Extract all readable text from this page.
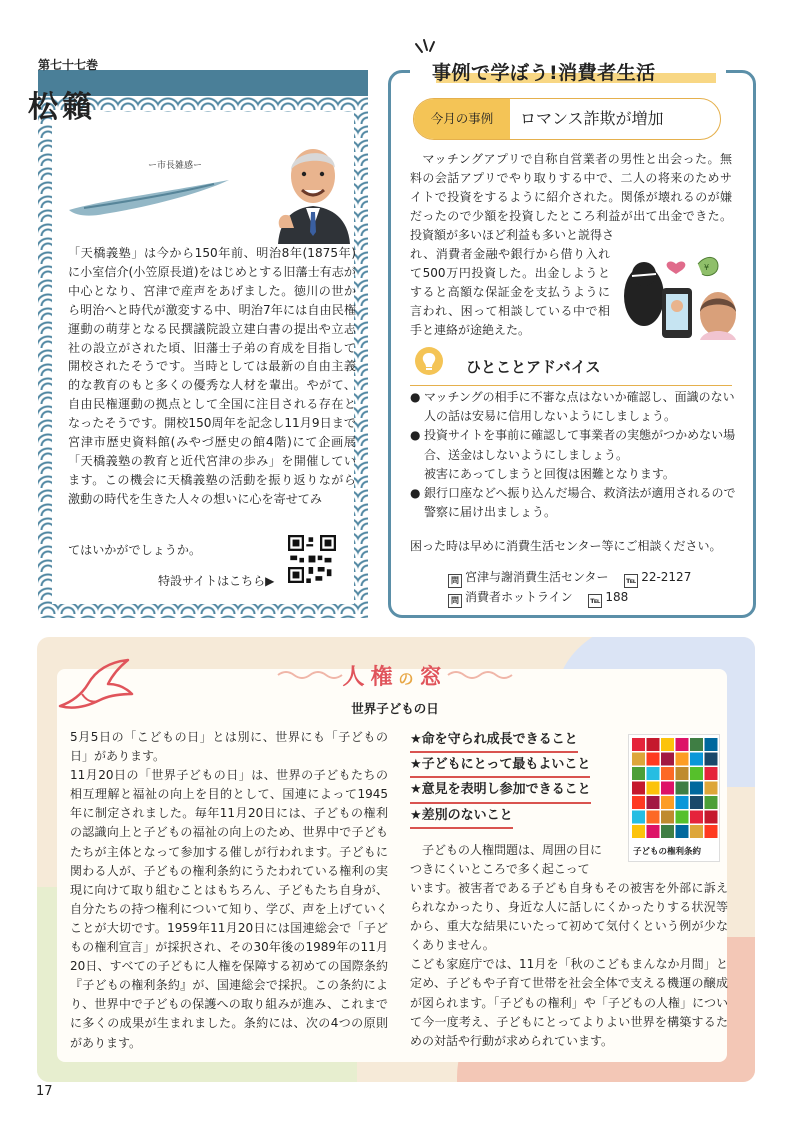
第七十七巻
松籟
ー市長雑感ー
「天橋義塾」は今から150年前、明治8年(1875年)に小室信介(小笠原長道)をはじめとする旧藩士有志が中心となり、宮津で産声をあげました。徳川の世から明治へと時代が激変する中、明治7年には自由民権運動の萌芽となる民撰議院設立建白書の提出や立志社の設立がされた頃、旧藩士子弟の育成を目指して開校されたそうです。当時としては最新の自由主義的な教育のもと多くの優秀な人材を輩出。やがて、自由民権運動の拠点として全国に注目される存在となったそうです。開校150周年を記念し11月9日まで宮津市歴史資料館(みやづ歴史の館4階)にて企画展「天橋義塾の教育と近代宮津の歩み」を開催しています。この機会に天橋義塾の活動を振り返りながら激動の時代を生きた人々の想いに心を寄せてみ
てはいかがでしょうか。
特設サイトはこちら▶
事例で学ぼう!消費者生活
今月の事例	ロマンス詐欺が増加
マッチングアプリで自称自営業者の男性と出会った。無料の会話アプリでやり取りする中で、二人の将来のためサイトで投資をするように紹介された。関係が壊れるのが嫌だったので少額を投資したところ利益が出て出金できた。投資額が多いほど利益も多いと説得さ
れ、消費者金融や銀行から借り入れて500万円投資した。出金しようとすると高額な保証金を支払うように言われ、困って相談している中で相手と連絡が途絶えた。
¥
ひとことアドバイス
● マッチングの相手に不審な点はないか確認し、面識のない人の話は安易に信用しないようにしましょう。
● 投資サイトを事前に確認して事業者の実態がつかめない場合、送金はしないようにしましょう。
被害にあってしまうと回復は困難となります。
● 銀行口座などへ振り込んだ場合、救済法が適用されるので警察に届け出ましょう。
困った時は早めに消費生活センター等にご相談ください。
問 宮津与謝消費生活センター ℡ 22-2127
問 消費者ホットライン ℡ 188
人権の窓
世界子どもの日
5月5日の「こどもの日」とは別に、世界にも「子どもの日」があります。
11月20日の「世界子どもの日」は、世界の子どもたちの相互理解と福祉の向上を目的として、国連によって1945年に制定されました。毎年11月20日には、子どもの権利の認識向上と子どもの福祉の向上のため、世界中で子どもたちが主体となって参加する催しが行われます。子どもに関わる人が、子どもの権利条約にうたわれている権利の実現に向けて取り組むことはもちろん、子どもたち自身が、自分たちの持つ権利について知り、学び、声を上げていくことが大切です。1959年11月20日には国連総会で「子どもの権利宣言」が採択され、その30年後の1989年の11月20日、すべての子どもに人権を保障する初めての国際条約『子どもの権利条約』が、国連総会で採択。この条約により、世界中で子どもの保護への取り組みが進み、これまでに多くの成果が生まれました。条約には、次の4つの原則があります。
★命を守られ成長できること
★子どもにとって最もよいこと
★意見を表明し参加できること
★差別のないこと
子どもの権利条約
子どもの人権問題は、周囲の目につきにくいところで多く起こって
います。被害者である子ども自身もその被害を外部に訴えられなかったり、身近な人に話しにくかったりする状況等から、重大な結果にいたって初めて気付くという例が少なくありません。
こども家庭庁では、11月を「秋のこどもまんなか月間」と定め、子どもや子育て世帯を社会全体で支える機運の醸成が図られます。「子どもの権利」や「子どもの人権」について今一度考え、子どもにとってよりよい世界を構築するための対話や行動が求められています。
17
